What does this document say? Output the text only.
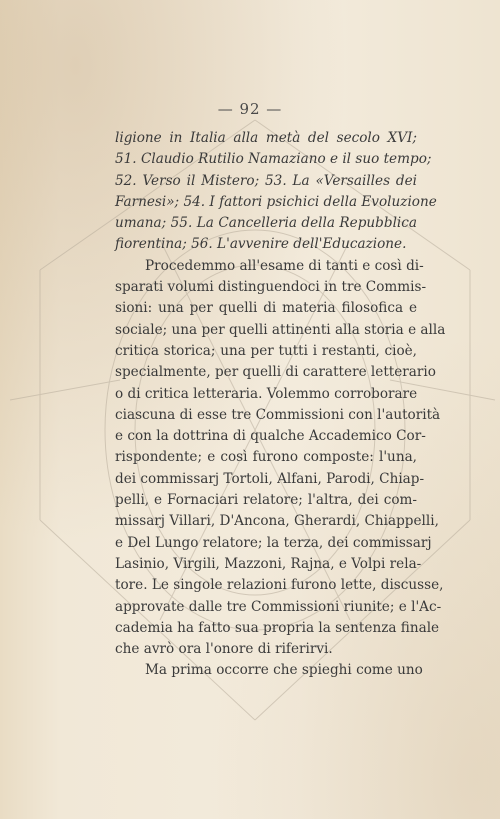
— 92 —
ligione in Italia alla metà del secolo XVI;
51. Claudio Rutilio Namaziano e il suo tempo;
52. Verso il Mistero; 53. La «Versailles dei
Farnesi»; 54. I fattori psichici della Evoluzione
umana; 55. La Cancelleria della Repubblica
fiorentina; 56. L'avvenire dell'Educazione.
Procedemmo all'esame di tanti e così di-
sparati volumi distinguendoci in tre Commis-
sioni: una per quelli di materia filosofica e
sociale; una per quelli attinenti alla storia e alla
critica storica; una per tutti i restanti, cioè,
specialmente, per quelli di carattere letterario
o di critica letteraria. Volemmo corroborare
ciascuna di esse tre Commissioni con l'autorità
e con la dottrina di qualche Accademico Cor-
rispondente; e così furono composte: l'una,
dei commissarj Tortoli, Alfani, Parodi, Chiap-
pelli, e Fornaciari relatore; l'altra, dei com-
missarj Villari, D'Ancona, Gherardi, Chiappelli,
e Del Lungo relatore; la terza, dei commissarj
Lasinio, Virgili, Mazzoni, Rajna, e Volpi rela-
tore. Le singole relazioni furono lette, discusse,
approvate dalle tre Commissioni riunite; e l'Ac-
cademia ha fatto sua propria la sentenza finale
che avrò ora l'onore di riferirvi.
Ma prima occorre che spieghi come uno
